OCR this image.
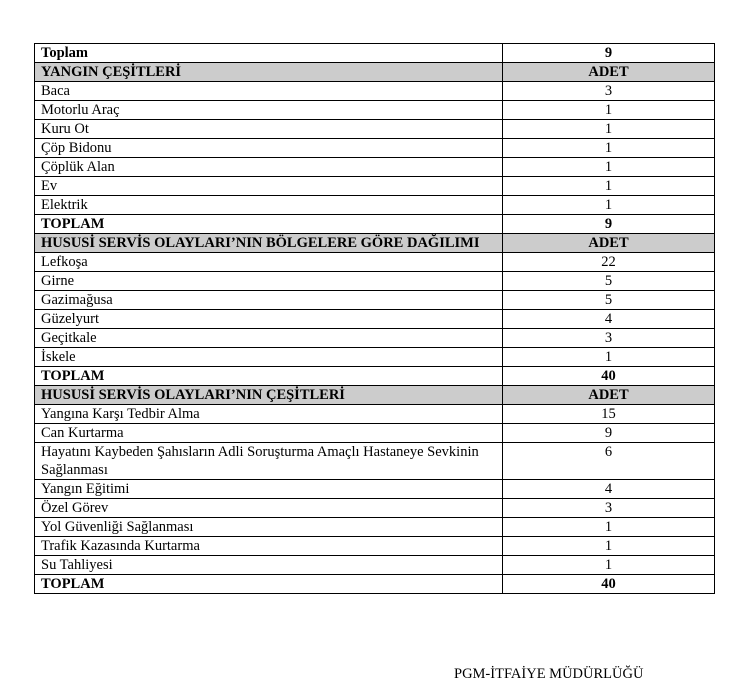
Toplam	9
YANGIN ÇEŞİTLERİ	ADET
Baca	3
Motorlu Araç	1
Kuru Ot	1
Çöp Bidonu	1
Çöplük Alan	1
Ev	1
Elektrik	1
TOPLAM	9
HUSUSİ SERVİS OLAYLARI’NIN BÖLGELERE GÖRE DAĞILIMI	ADET
Lefkoşa	22
Girne	5
Gazimağusa	5
Güzelyurt	4
Geçitkale	3
İskele	1
TOPLAM	40
HUSUSİ SERVİS OLAYLARI’NIN ÇEŞİTLERİ	ADET
Yangına Karşı Tedbir Alma	15
Can Kurtarma	9
Hayatını Kaybeden Şahısların Adli Soruşturma Amaçlı Hastaneye Sevkinin Sağlanması	6
Yangın Eğitimi	4
Özel Görev	3
Yol Güvenliği Sağlanması	1
Trafik Kazasında Kurtarma	1
Su Tahliyesi	1
TOPLAM	40
PGM-İTFAİYE MÜDÜRLÜĞÜ
